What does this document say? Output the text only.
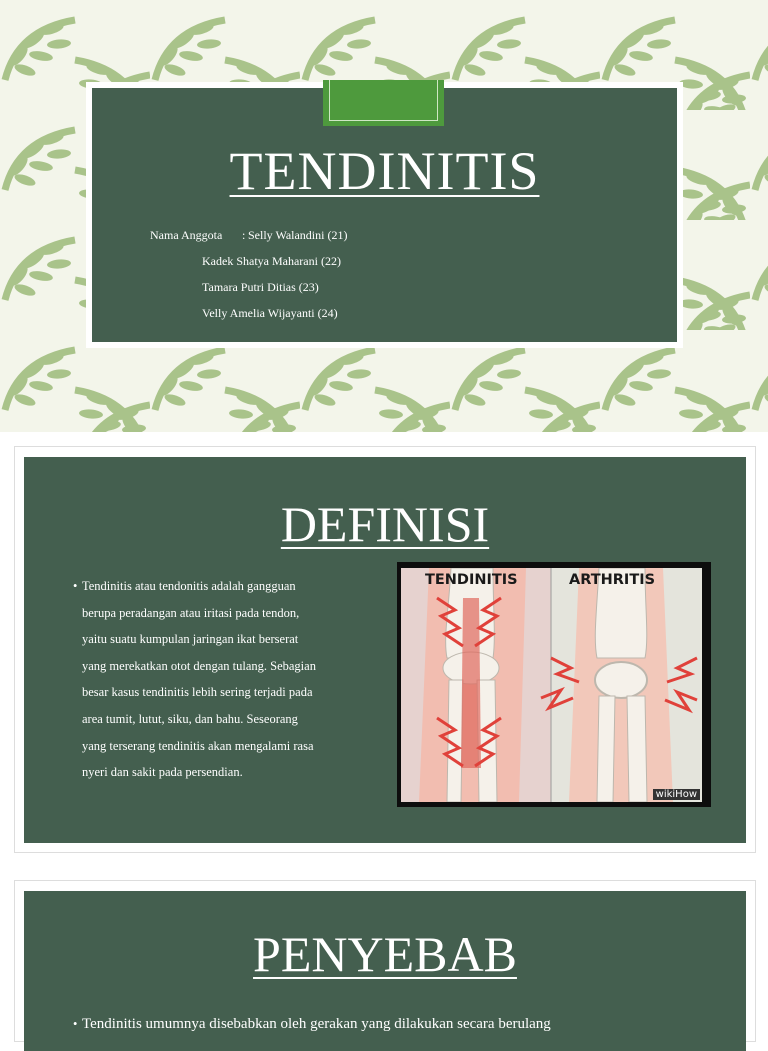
TENDINITIS
Nama Anggota : Selly Walandini (21)
Kadek Shatya Maharani (22)
Tamara Putri Ditias (23)
Velly Amelia Wijayanti (24)
DEFINISI
• Tendinitis atau tendonitis adalah gangguan
berupa peradangan atau iritasi pada tendon,
yaitu suatu kumpulan jaringan ikat berserat
yang merekatkan otot dengan tulang. Sebagian
besar kasus tendinitis lebih sering terjadi pada
area tumit, lutut, siku, dan bahu. Seseorang
yang terserang tendinitis akan mengalami rasa
nyeri dan sakit pada persendian.
TENDINITIS	ARTHRITIS
wikiHow
PENYEBAB
• Tendinitis umumnya disebabkan oleh gerakan yang dilakukan secara berulang
